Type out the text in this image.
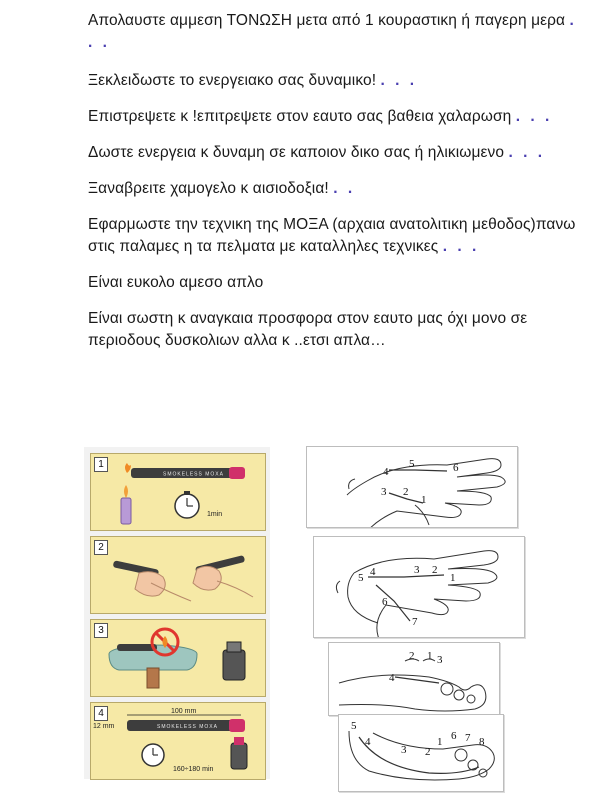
Απολαυστε αμμεση ΤΟΝΩΣΗ μετα από 1 κουραστικη ή παγερη μερα . . .

Ξεκλειδωστε το ενεργειακο σας δυναμικο! . . .

Επιστρεψετε κ !επιτρεψετε στον εαυτο σας βαθεια χαλαρωση . . .

Δωστε ενεργεια κ δυναμη σε καποιον δικο σας ή ηλικιωμενο . . .

Ξαναβρειτε χαμογελο κ αισιοδοξια! . .

Εφαρμωστε την τεχνικη της ΜΟΞΑ (αρχαια ανατολιτικη μεθοδος)πανω στις παλαμες η τα πελματα με καταλληλες τεχνικες . . .

Είναι ευκολο αμεσο απλο

Είναι σωστη κ αναγκαια προσφορα στον εαυτο μας όχι μονο σε περιοδους δυσκολιων αλλα κ ..ετσι απλα…

1
SMOKELESS MOXA
1min
2
3
4	100 mm
SMOKELESS MOXA
12 mm
160÷180 min
4
5	6
3 2
1
5 4	3 2
1
6
7
4
2 1 3
5
4
3 2
1 6 7 8
